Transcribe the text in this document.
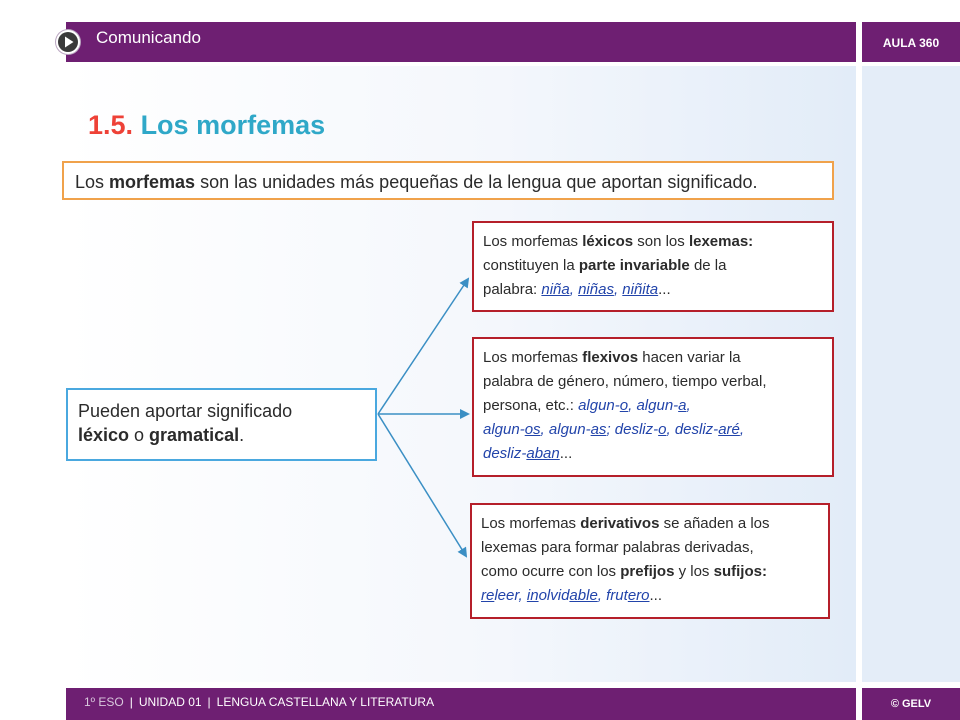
Comunicando	AULA 360
1.5. Los morfemas
Los morfemas son las unidades más pequeñas de la lengua que aportan significado.
Pueden aportar significado
léxico o gramatical.
Los morfemas léxicos son los lexemas:
constituyen la parte invariable de la
palabra: niña, niñas, niñita...
Los morfemas flexivos hacen variar la
palabra de género, número, tiempo verbal,
persona, etc.: algun-o, algun-a,
algun-os, algun-as; desliz-o, desliz-aré,
desliz-aban...
Los morfemas derivativos se añaden a los
lexemas para formar palabras derivadas,
como ocurre con los prefijos y los sufijos:
releer, inolvidable, frutero...
1º ESO | UNIDAD 01 | LENGUA CASTELLANA Y LITERATURA	© GELV
